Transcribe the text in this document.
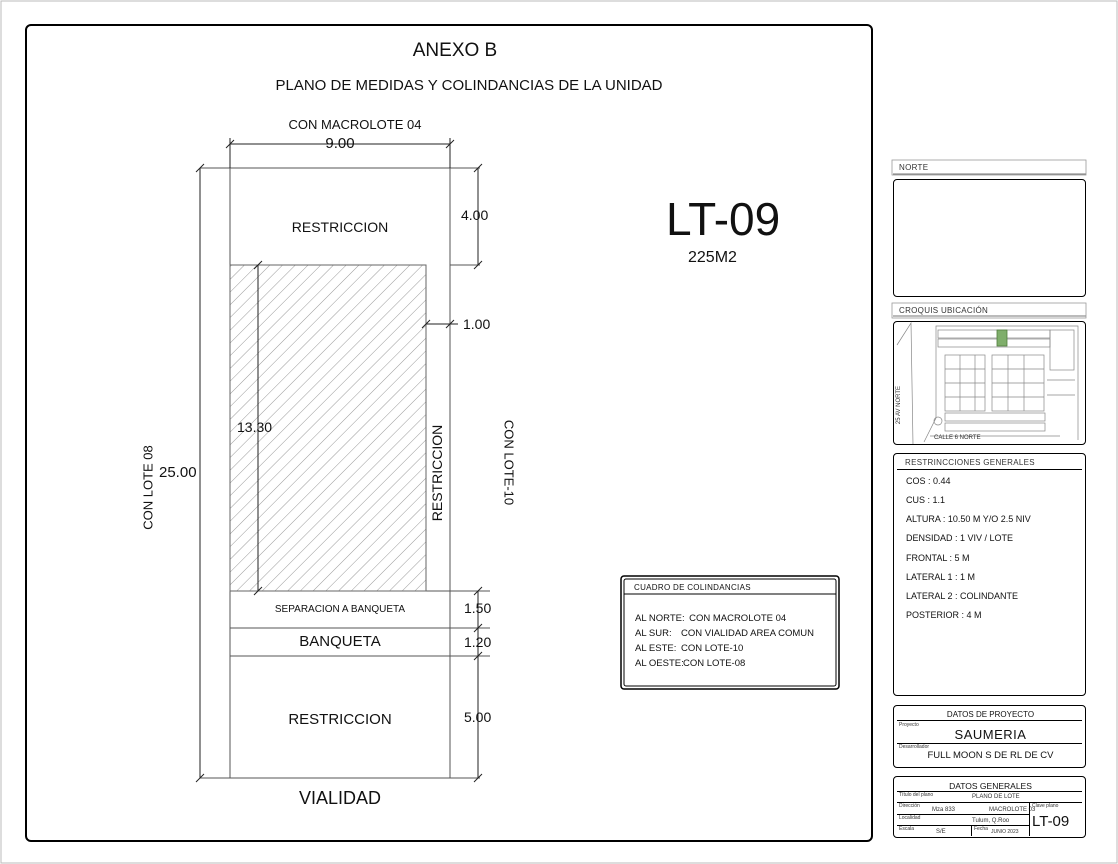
ANEXO B
PLANO DE MEDIDAS Y COLINDANCIAS DE LA UNIDAD
LT-09
225M2
CON MACROLOTE 04
9.00
CON LOTE 08 25.00	CON LOTE-10
VIALIDAD
RESTRICCION
RESTRICCION
SEPARACION A BANQUETA
BANQUETA
RESTRICCION
4.00
1.00
13.30
1.50
1.20
5.00
CUADRO DE COLINDANCIAS
AL NORTE: CON MACROLOTE 04
AL SUR: CON VIALIDAD AREA COMUN
AL ESTE: CON LOTE-10
AL OESTE:CON LOTE-08
NORTE
CROQUIS UBICACIÓN
25 AV NORTE
CALLE 6 NORTE
RESTRINCCIONES GENERALES
COS : 0.44
CUS : 1.1
ALTURA : 10.50 M Y/O 2.5 NIV
DENSIDAD : 1 VIV / LOTE
FRONTAL : 5 M
LATERAL 1 : 1 M
LATERAL 2 : COLINDANTE
POSTERIOR : 4 M
DATOS DE PROYECTO
Proyecto
SAUMERIA
Desarrollador
FULL MOON S DE RL DE CV
DATOS GENERALES
Título del plano	PLANO DE LOTE
Dirección
Mza 833	MACROLOTE 03
Localidad	Tulum, Q.Roo
Escala	S/E	Fecha JUNIO 2023
Clave plano
LT-09
